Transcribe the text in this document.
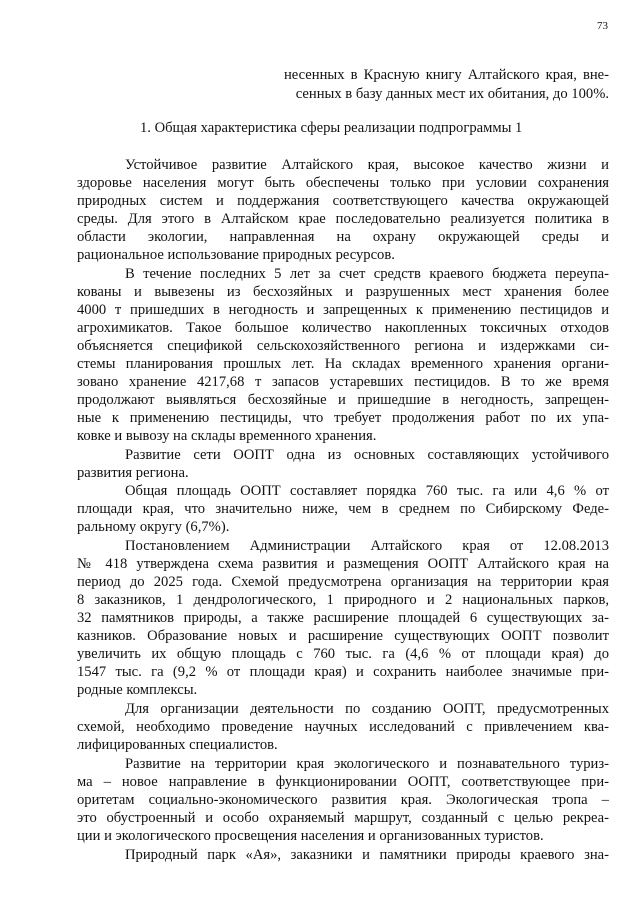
73
несенных в Красную книгу Алтайского края, вне-
сенных в базу данных мест их обитания, до 100%.
1. Общая характеристика сферы реализации подпрограммы 1
Устойчивое развитие Алтайского края, высокое качество жизни и
здоровье населения могут быть обеспечены только при условии сохранения
природных систем и поддержания соответствующего качества окружающей
среды. Для этого в Алтайском крае последовательно реализуется политика в
области экологии, направленная на охрану окружающей среды и
рациональное использование природных ресурсов.
В течение последних 5 лет за счет средств краевого бюджета переупа-
кованы и вывезены из бесхозяйных и разрушенных мест хранения более
4000 т пришедших в негодность и запрещенных к применению пестицидов и
агрохимикатов. Такое большое количество накопленных токсичных отходов
объясняется спецификой сельскохозяйственного региона и издержками си-
стемы планирования прошлых лет. На складах временного хранения органи-
зовано хранение 4217,68 т запасов устаревших пестицидов. В то же время
продолжают выявляться бесхозяйные и пришедшие в негодность, запрещен-
ные к применению пестициды, что требует продолжения работ по их упа-
ковке и вывозу на склады временного хранения.
Развитие сети ООПТ одна из основных составляющих устойчивого
развития региона.
Общая площадь ООПТ составляет порядка 760 тыс. га или 4,6 % от
площади края, что значительно ниже, чем в среднем по Сибирскому Феде-
ральному округу (6,7%).
Постановлением Администрации Алтайского края от 12.08.2013
№ 418 утверждена схема развития и размещения ООПТ Алтайского края на
период до 2025 года. Схемой предусмотрена организация на территории края
8 заказников, 1 дендрологического, 1 природного и 2 национальных парков,
32 памятников природы, а также расширение площадей 6 существующих за-
казников. Образование новых и расширение существующих ООПТ позволит
увеличить их общую площадь с 760 тыс. га (4,6 % от площади края) до
1547 тыс. га (9,2 % от площади края) и сохранить наиболее значимые при-
родные комплексы.
Для организации деятельности по созданию ООПТ, предусмотренных
схемой, необходимо проведение научных исследований с привлечением ква-
лифицированных специалистов.
Развитие на территории края экологического и познавательного туриз-
ма – новое направление в функционировании ООПТ, соответствующее при-
оритетам социально-экономического развития края. Экологическая тропа –
это обустроенный и особо охраняемый маршрут, созданный с целью рекреа-
ции и экологического просвещения населения и организованных туристов.
Природный парк «Ая», заказники и памятники природы краевого зна-
